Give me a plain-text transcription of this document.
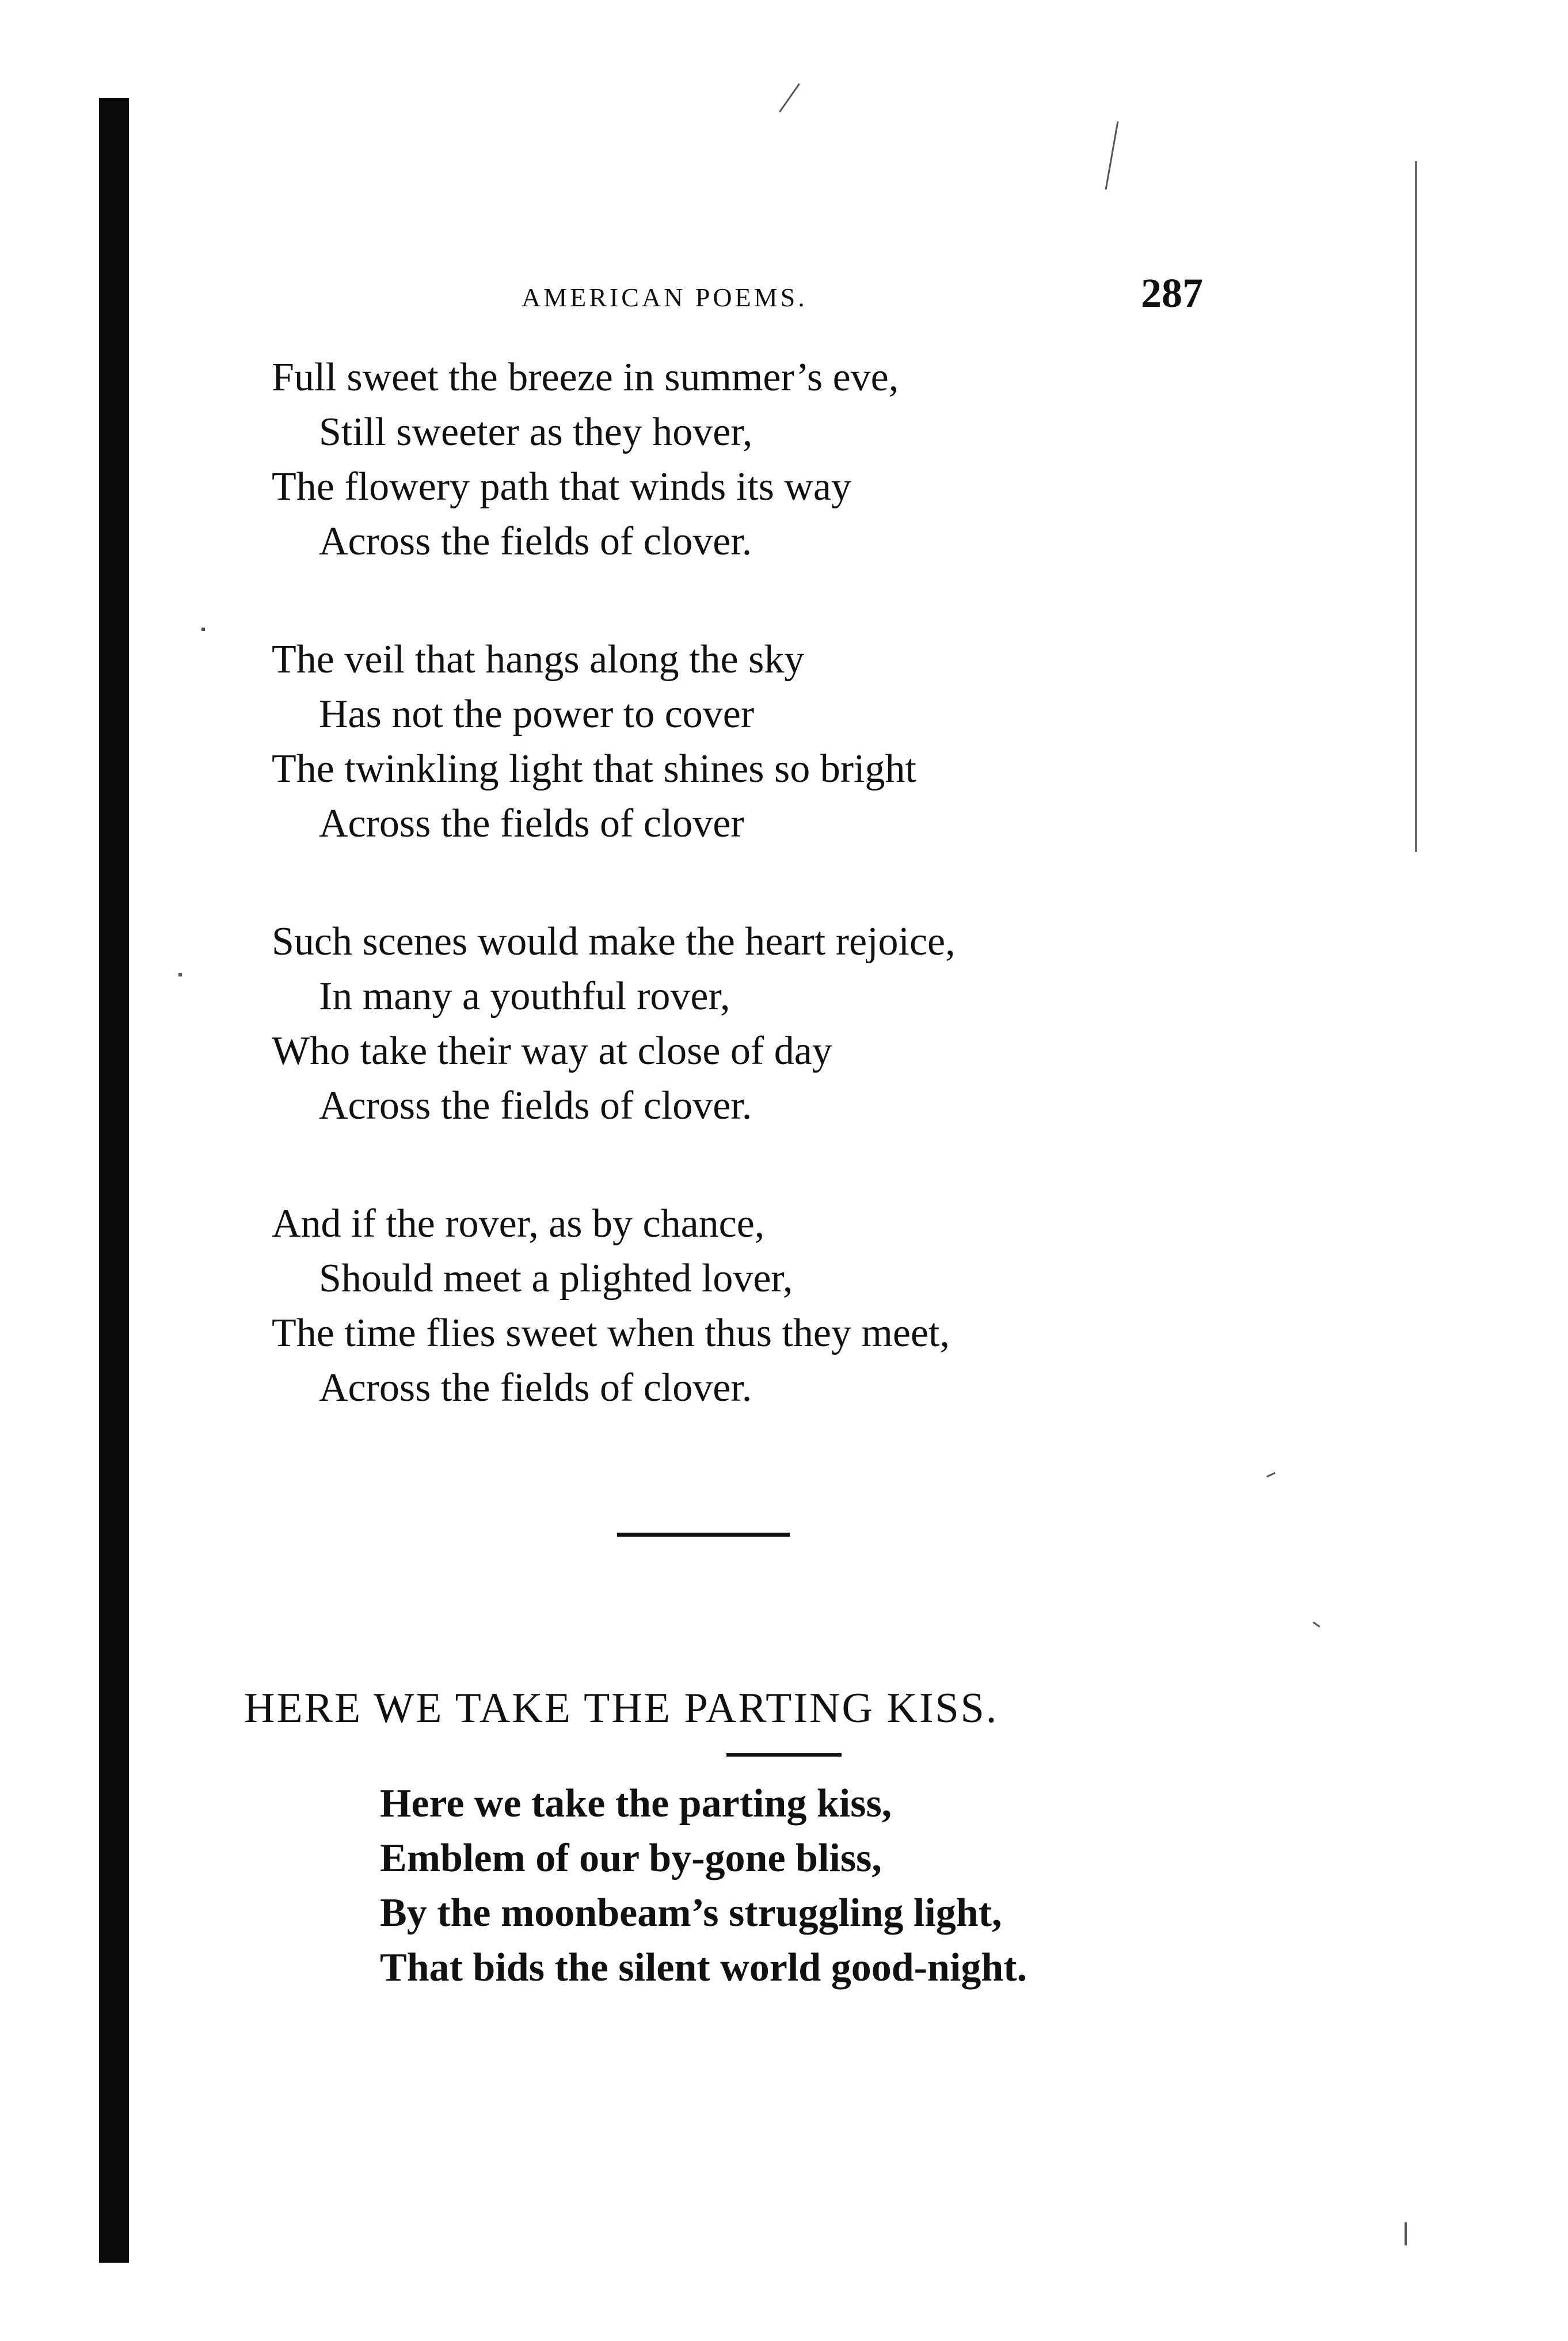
AMERICAN POEMS.	287
Full sweet the breeze in summer’s eve,
Still sweeter as they hover,
The flowery path that winds its way
Across the fields of clover.
The veil that hangs along the sky
Has not the power to cover
The twinkling light that shines so bright
Across the fields of clover
Such scenes would make the heart rejoice,
In many a youthful rover,
Who take their way at close of day
Across the fields of clover.
And if the rover, as by chance,
Should meet a plighted lover,
The time flies sweet when thus they meet,
Across the fields of clover.
HERE WE TAKE THE PARTING KISS.
Here we take the parting kiss,
Emblem of our by-gone bliss,
By the moonbeam’s struggling light,
That bids the silent world good-night.
